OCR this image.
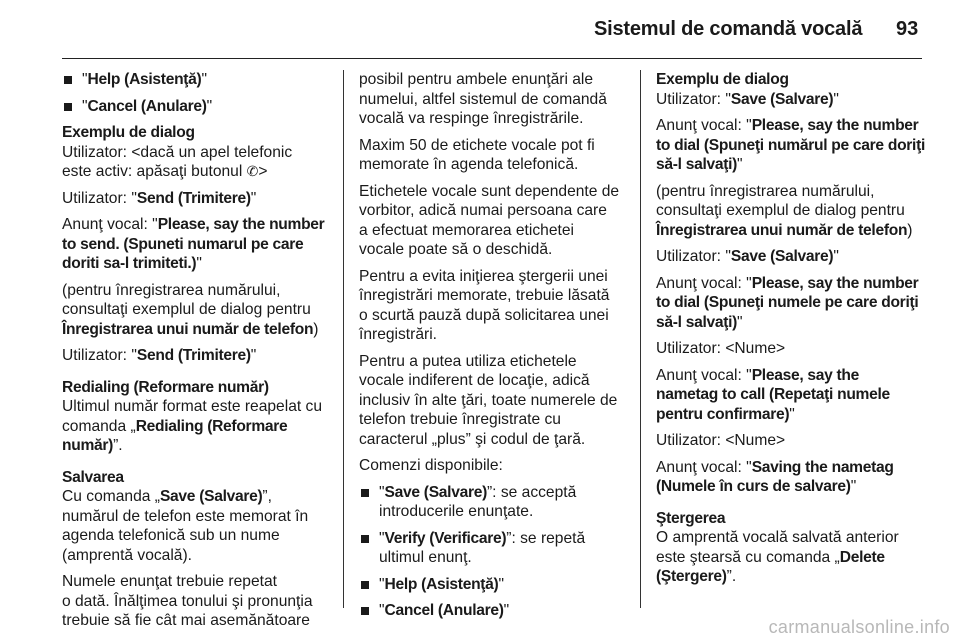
Sistemul de comandă vocală 93
"Help (Asistenţă)"
"Cancel (Anulare)"
Exemplu de dialog

Utilizator: <dacă un apel telefonic
este activ: apăsaţi butonul ✆>

Utilizator: "Send (Trimitere)"

Anunţ vocal: "Please, say the number
to send. (Spuneti numarul pe care
doriti sa-l trimiteti.)"

(pentru înregistrarea numărului,
consultaţi exemplul de dialog pentru
Înregistrarea unui număr de telefon)

Utilizator: "Send (Trimitere)"

Redialing (Reformare număr)

Ultimul număr format este reapelat cu
comanda „Redialing (Reformare
număr)”.

Salvarea

Cu comanda „Save (Salvare)”,
numărul de telefon este memorat în
agenda telefonică sub un nume
(amprentă vocală).

Numele enunţat trebuie repetat
o dată. Înălţimea tonului şi pronunţia
trebuie să fie cât mai asemănătoare

posibil pentru ambele enunţări ale
numelui, altfel sistemul de comandă
vocală va respinge înregistrările.

Maxim 50 de etichete vocale pot fi
memorate în agenda telefonică.

Etichetele vocale sunt dependente de
vorbitor, adică numai persoana care
a efectuat memorarea etichetei
vocale poate să o deschidă.

Pentru a evita iniţierea ştergerii unei
înregistrări memorate, trebuie lăsată
o scurtă pauză după solicitarea unei
înregistrări.

Pentru a putea utiliza etichetele
vocale indiferent de locaţie, adică
inclusiv în alte ţări, toate numerele de
telefon trebuie înregistrate cu
caracterul „plus” şi codul de ţară.

Comenzi disponibile:

"Save (Salvare)”: se acceptă
introducerile enunţate.
"Verify (Verificare)”: se repetă
ultimul enunţ.
"Help (Asistenţă)"
"Cancel (Anulare)"
Exemplu de dialog

Utilizator: "Save (Salvare)"

Anunţ vocal: "Please, say the number
to dial (Spuneţi numărul pe care doriţi
să-l salvaţi)"

(pentru înregistrarea numărului,
consultaţi exemplul de dialog pentru
Înregistrarea unui număr de telefon)

Utilizator: "Save (Salvare)"

Anunţ vocal: "Please, say the number
to dial (Spuneţi numele pe care doriţi
să-l salvaţi)"

Utilizator: <Nume>

Anunţ vocal: "Please, say the
nametag to call (Repetaţi numele
pentru confirmare)"

Utilizator: <Nume>

Anunţ vocal: "Saving the nametag
(Numele în curs de salvare)"

Ştergerea

O amprentă vocală salvată anterior
este ştearsă cu comanda „Delete
(Ştergere)”.

carmanualsonline.info
